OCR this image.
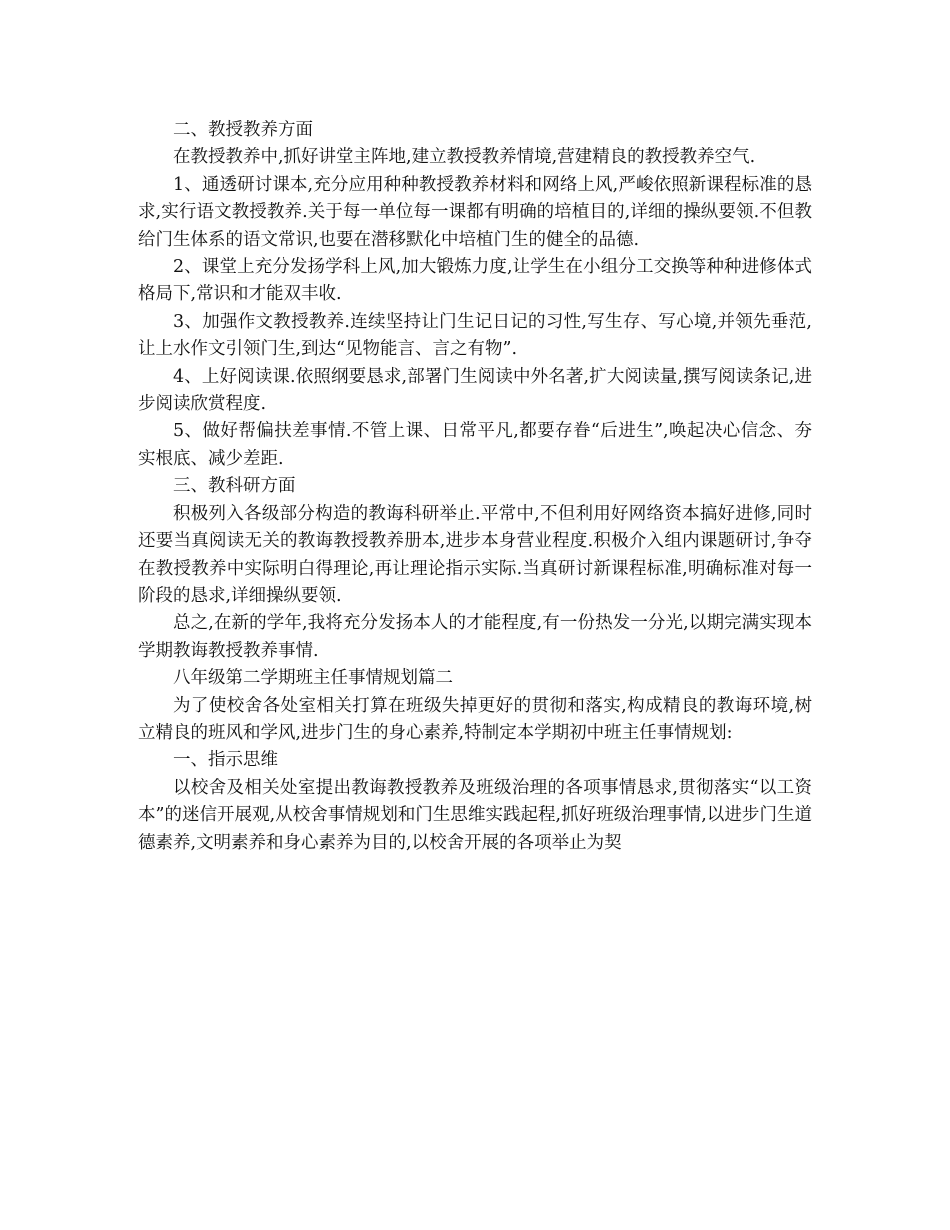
二、教授教养方面

在教授教养中,抓好讲堂主阵地,建立教授教养情境,营建精良的教授教养空气.

1、通透研讨课本,充分应用种种教授教养材料和网络上风,严峻依照新课程标准的恳求,实行语文教授教养.关于每一单位每一课都有明确的培植目的,详细的操纵要领.不但教给门生体系的语文常识,也要在潜移默化中培植门生的健全的品德.

2、课堂上充分发扬学科上风,加大锻炼力度,让学生在小组分工交换等种种进修体式格局下,常识和才能双丰收.

3、加强作文教授教养.连续坚持让门生记日记的习性,写生存、写心境,并领先垂范,让上水作文引领门生,到达“见物能言、言之有物”.

4、上好阅读课.依照纲要恳求,部署门生阅读中外名著,扩大阅读量,撰写阅读条记,进步阅读欣赏程度.

5、做好帮偏扶差事情.不管上课、日常平凡,都要存眷“后进生”,唤起决心信念、夯实根底、减少差距.

三、教科研方面

积极列入各级部分构造的教诲科研举止.平常中,不但利用好网络资本搞好进修,同时还要当真阅读无关的教诲教授教养册本,进步本身营业程度.积极介入组内课题研讨,争夺在教授教养中实际明白得理论,再让理论指示实际.当真研讨新课程标准,明确标准对每一阶段的恳求,详细操纵要领.

总之,在新的学年,我将充分发扬本人的才能程度,有一份热发一分光,以期完满实现本学期教诲教授教养事情.

八年级第二学期班主任事情规划篇二

为了使校舍各处室相关打算在班级失掉更好的贯彻和落实,构成精良的教诲环境,树立精良的班风和学风,进步门生的身心素养,特制定本学期初中班主任事情规划:

一、指示思维

以校舍及相关处室提出教诲教授教养及班级治理的各项事情恳求,贯彻落实“以工资本”的迷信开展观,从校舍事情规划和门生思维实践起程,抓好班级治理事情,以进步门生道德素养,文明素养和身心素养为目的,以校舍开展的各项举止为契
